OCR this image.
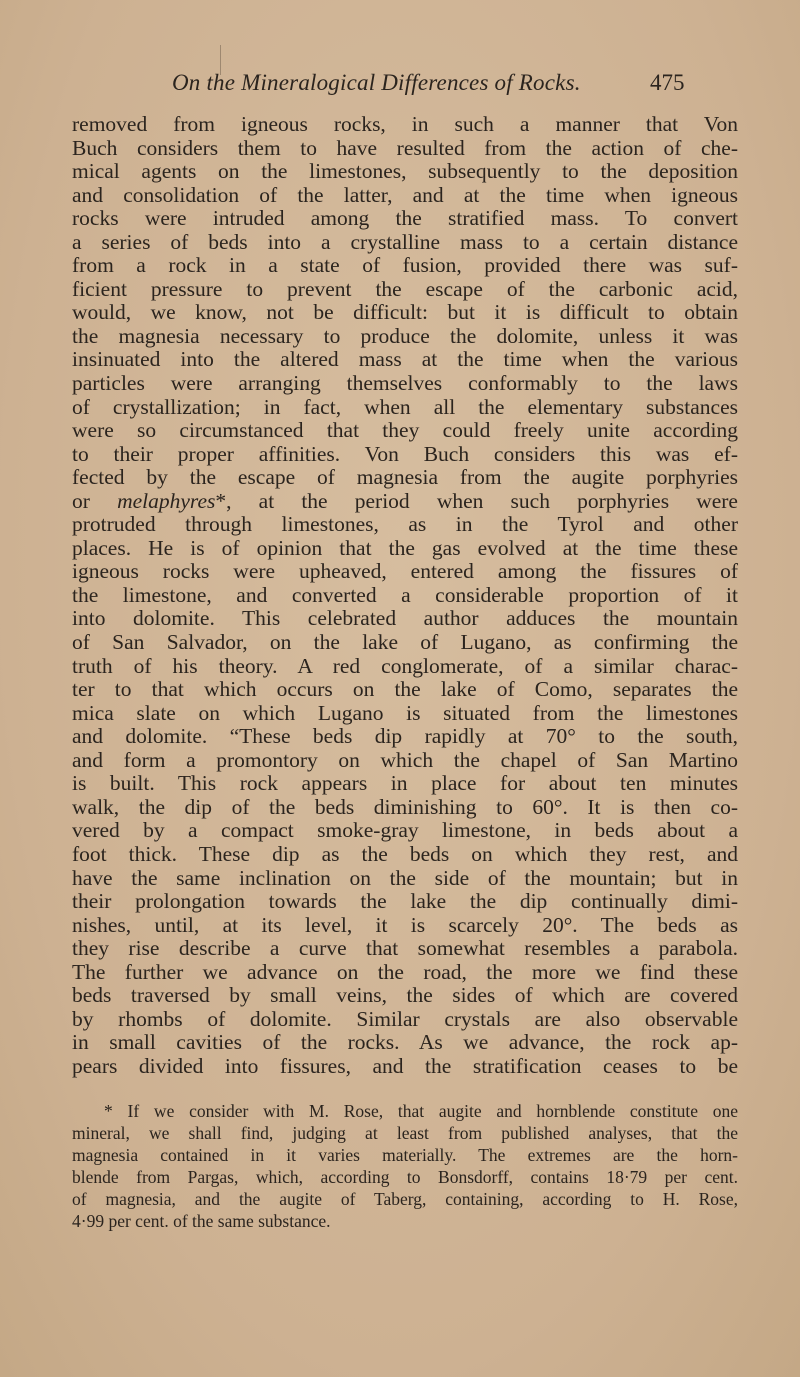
On the Mineralogical Differences of Rocks.	475
removed from igneous rocks, in such a manner that Von
Buch considers them to have resulted from the action of che-
mical agents on the limestones, subsequently to the deposition
and consolidation of the latter, and at the time when igneous
rocks were intruded among the stratified mass. To convert
a series of beds into a crystalline mass to a certain distance
from a rock in a state of fusion, provided there was suf-
ficient pressure to prevent the escape of the carbonic acid,
would, we know, not be difficult: but it is difficult to obtain
the magnesia necessary to produce the dolomite, unless it was
insinuated into the altered mass at the time when the various
particles were arranging themselves conformably to the laws
of crystallization; in fact, when all the elementary substances
were so circumstanced that they could freely unite according
to their proper affinities. Von Buch considers this was ef-
fected by the escape of magnesia from the augite porphyries
or melaphyres*, at the period when such porphyries were
protruded through limestones, as in the Tyrol and other
places. He is of opinion that the gas evolved at the time these
igneous rocks were upheaved, entered among the fissures of
the limestone, and converted a considerable proportion of it
into dolomite. This celebrated author adduces the mountain
of San Salvador, on the lake of Lugano, as confirming the
truth of his theory. A red conglomerate, of a similar charac-
ter to that which occurs on the lake of Como, separates the
mica slate on which Lugano is situated from the limestones
and dolomite. “These beds dip rapidly at 70° to the south,
and form a promontory on which the chapel of San Martino
is built. This rock appears in place for about ten minutes
walk, the dip of the beds diminishing to 60°. It is then co-
vered by a compact smoke-gray limestone, in beds about a
foot thick. These dip as the beds on which they rest, and
have the same inclination on the side of the mountain; but in
their prolongation towards the lake the dip continually dimi-
nishes, until, at its level, it is scarcely 20°. The beds as
they rise describe a curve that somewhat resembles a parabola.
The further we advance on the road, the more we find these
beds traversed by small veins, the sides of which are covered
by rhombs of dolomite. Similar crystals are also observable
in small cavities of the rocks. As we advance, the rock ap-
pears divided into fissures, and the stratification ceases to be
* If we consider with M. Rose, that augite and hornblende constitute one
mineral, we shall find, judging at least from published analyses, that the
magnesia contained in it varies materially. The extremes are the horn-
blende from Pargas, which, according to Bonsdorff, contains 18·79 per cent.
of magnesia, and the augite of Taberg, containing, according to H. Rose,
4·99 per cent. of the same substance.
